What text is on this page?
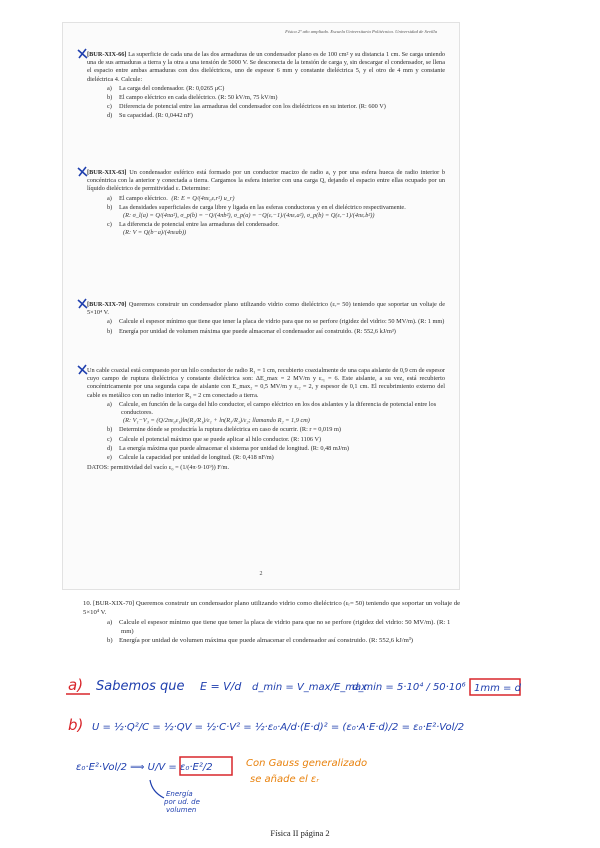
Física 2º año ampliado. Escuela Universitaria Politécnica. Universidad de Sevilla

[BUR-XIX-66] La superficie de cada una de las dos armaduras de un condensador plano es de 100 cm² y su distancia 1 cm. Se carga uniendo una de sus armaduras a tierra y la otra a una tensión de 5000 V. Se desconecta de la tensión de carga y, sin descargar el condensador, se llena el espacio entre ambas armaduras con dos dieléctricos, uno de espesor 6 mm y constante dieléctrica 5, y el otro de 4 mm y constante dieléctrica 4. Calcule:

a) La carga del condensador. (R: 0,0265 μC)
b) El campo eléctrico en cada dieléctrico. (R: 50 kV/m, 75 kV/m)
c) Diferencia de potencial entre las armaduras del condensador con los dieléctricos en su interior. (R: 600 V)
d) Su capacidad. (R: 0,0442 nF)

[BUR-XIX-63] Un condensador esférico está formado por un conductor macizo de radio a, y por una esfera hueca de radio interior b concéntrica con la anterior y conectada a tierra. Cargamos la esfera interior con una carga Q, dejando el espacio entre ellas ocupado por un líquido dieléctrico de permitividad ε. Determine:

a) El campo eléctrico. (R: E = Q/(4πε₀εᵣr²) u_r)
b) Las densidades superficiales de carga libre y ligada en las esferas conductoras y en el dieléctrico respectivamente.
(R: σ_l(a) = Q/(4πa²), σ_p(b) = −Q/(4πb²), σ_p(a) = −Q(εᵣ−1)/(4πεᵣa²), σ_p(b) = Q(εᵣ−1)/(4πεᵣb²))
c) La diferencia de potencial entre las armaduras del condensador.
(R: V = Q(b−a)/(4πεab))

[BUR-XIX-70] Queremos construir un condensador plano utilizando vidrio como dieléctrico (εᵣ= 50) teniendo que soportar un voltaje de 5×10⁴ V.

a) Calcule el espesor mínimo que tiene que tener la placa de vidrio para que no se perfore (rigidez del vidrio: 50 MV/m). (R: 1 mm)
b) Energía por unidad de volumen máxima que puede almacenar el condensador así construido. (R: 552,6 kJ/m³)

Un cable coaxial está compuesto por un hilo conductor de radio R₁ = 1 cm, recubierto coaxialmente de una capa aislante de 0,9 cm de espesor cuyo campo de ruptura dieléctrica y constante dieléctrica son: ΔE_max = 2 MV/m y εᵣ₁ = 6. Este aislante, a su vez, está recubierto concéntricamente por una segunda capa de aislante con E_max₂ = 0,5 MV/m y εᵣ₂ = 2, y espesor de 0,1 cm. El recubrimiento externo del cable es metálico con un radio interior R₃ = 2 cm conectado a tierra.

a) Calcule, en función de la carga del hilo conductor, el campo eléctrico en los dos aislantes y la diferencia de potencial entre los conductores.
(R: V₁−V₃ = (Q/2πε₀ε₁)ln(R₂/R₁)/ε₁ + ln(R₃/R₂)/ε₂; llamando R₂ = 1,9 cm)
b) Determine dónde se produciría la ruptura dieléctrica en caso de ocurrir. (R: r = 0,019 m)
c) Calcule el potencial máximo que se puede aplicar al hilo conductor. (R: 1106 V)
d) La energía máxima que puede almacenar el sistema por unidad de longitud. (R: 0,48 mJ/m)
e) Calcule la capacidad por unidad de longitud. (R: 0,418 nF/m)

DATOS: permitividad del vacío ε₀ = (1/(4π·9·10⁹)) F/m.

2

10. [BUR-XIX-70] Queremos construir un condensador plano utilizando vidrio como dieléctrico (εᵣ= 50) teniendo que soportar un voltaje de 5×10⁴ V.

a) Calcule el espesor mínimo que tiene que tener la placa de vidrio para que no se perfore (rigidez del vidrio: 50 MV/m). (R: 1 mm)
b) Energía por unidad de volumen máxima que puede almacenar el condensador así construido. (R: 552,6 kJ/m³)
a) Sabemos que E = V/d d_min = V_max/E_max
d_min = 5·10⁴ / 50·10⁶ 1mm = d
b) U = ½·Q²/C = ½·QV = ½·C·V² = ½·ε₀·A/d·(E·d)² = (ε₀·A·E·d)/2 = ε₀·E²·Vol/2
ε₀·E²·Vol/2 ⟹ U/V = ε₀·E²/2
Energía
por ud. de
volumen
Con Gauss generalizado
se añade el εᵣ
Física II página 2
